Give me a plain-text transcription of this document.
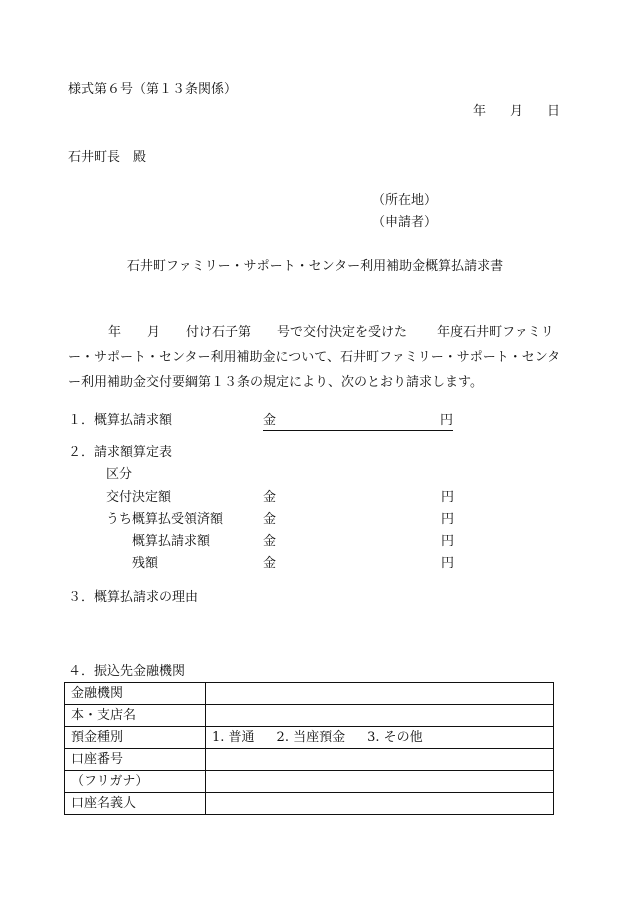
様式第６号（第１３条関係）
年 月 日
石井町長　殿
（所在地）
（申請者）
石井町ファミリー・サポート・センター利用補助金概算払請求書
年 月 付け石子第 号で交付決定を受けた 年度石井町ファミリ
ー・サポート・センター利用補助金について、石井町ファミリー・サポート・センタ
ー利用補助金交付要綱第１３条の規定により、次のとおり請求します。
１．概算払請求額	金	円
２．請求額算定表
区分
交付決定額	金	円
うち概算払受領済額	金	円
概算払請求額	金	円
残額	金	円
３．概算払請求の理由
４．振込先金融機関
金融機関	
本・支店名	
預金種別	1. 普通 2. 当座預金 3. その他
口座番号	
（フリガナ）	
口座名義人	
